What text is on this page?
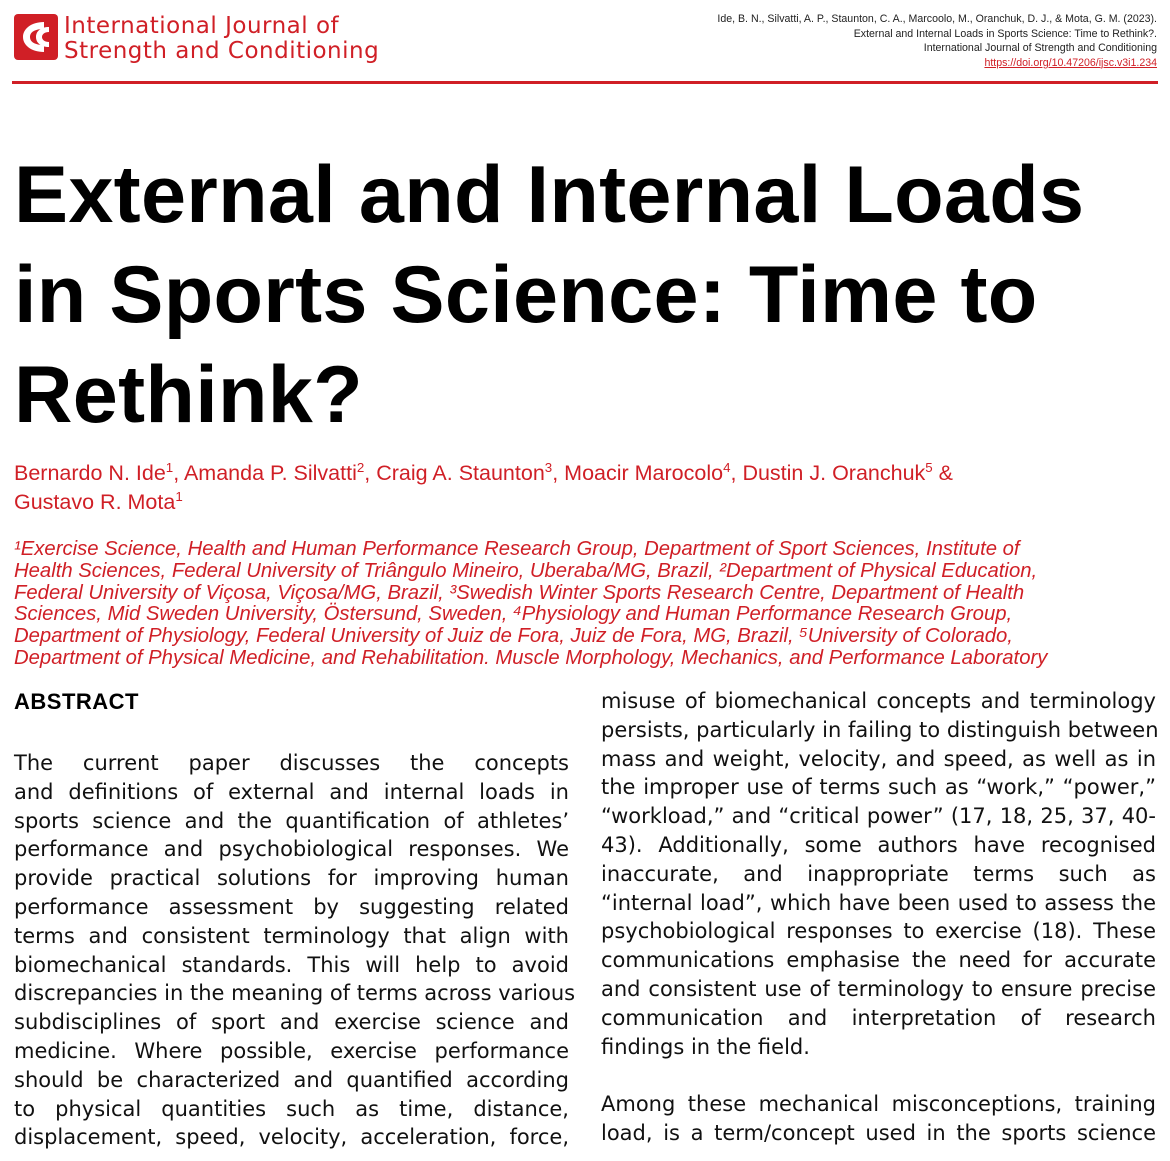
International Journal of
Strength and Conditioning
Ide, B. N., Silvatti, A. P., Staunton, C. A., Marcoolo, M., Oranchuk, D. J., & Mota, G. M. (2023).
External and Internal Loads in Sports Science: Time to Rethink?.
International Journal of Strength and Conditioning
https://doi.org/10.47206/ijsc.v3i1.234
External and Internal Loads in Sports Science: Time to Rethink?
Bernardo N. Ide$^1$, Amanda P. Silvatti$^2$, Craig A. Staunton$^3$, Moacir Marocolo$^4$, Dustin J. Oranchuk$^5$ &
Gustavo R. Mota$^1$
¹Exercise Science, Health and Human Performance Research Group, Department of Sport Sciences, Institute of
Health Sciences, Federal University of Triângulo Mineiro, Uberaba/MG, Brazil, ²Department of Physical Education,
Federal University of Viçosa, Viçosa/MG, Brazil, ³Swedish Winter Sports Research Centre, Department of Health
Sciences, Mid Sweden University, Östersund, Sweden, ⁴Physiology and Human Performance Research Group,
Department of Physiology, Federal University of Juiz de Fora, Juiz de Fora, MG, Brazil, ⁵University of Colorado,
Department of Physical Medicine, and Rehabilitation. Muscle Morphology, Mechanics, and Performance Laboratory
ABSTRACT
The current paper discusses the concepts
and definitions of external and internal loads in
sports science and the quantification of athletes’
performance and psychobiological responses. We
provide practical solutions for improving human
performance assessment by suggesting related
terms and consistent terminology that align with
biomechanical standards. This will help to avoid
discrepancies in the meaning of terms across various
subdisciplines of sport and exercise science and
medicine. Where possible, exercise performance
should be characterized and quantified according
to physical quantities such as time, distance,
displacement, speed, velocity, acceleration, force,
misuse of biomechanical concepts and terminology
persists, particularly in failing to distinguish between
mass and weight, velocity, and speed, as well as in
the improper use of terms such as “work,” “power,”
“workload,” and “critical power” (17, 18, 25, 37, 40-
43). Additionally, some authors have recognised
inaccurate, and inappropriate terms such as
“internal load”, which have been used to assess the
psychobiological responses to exercise (18). These
communications emphasise the need for accurate
and consistent use of terminology to ensure precise
communication and interpretation of research
findings in the field.
Among these mechanical misconceptions, training
load, is a term/concept used in the sports science
